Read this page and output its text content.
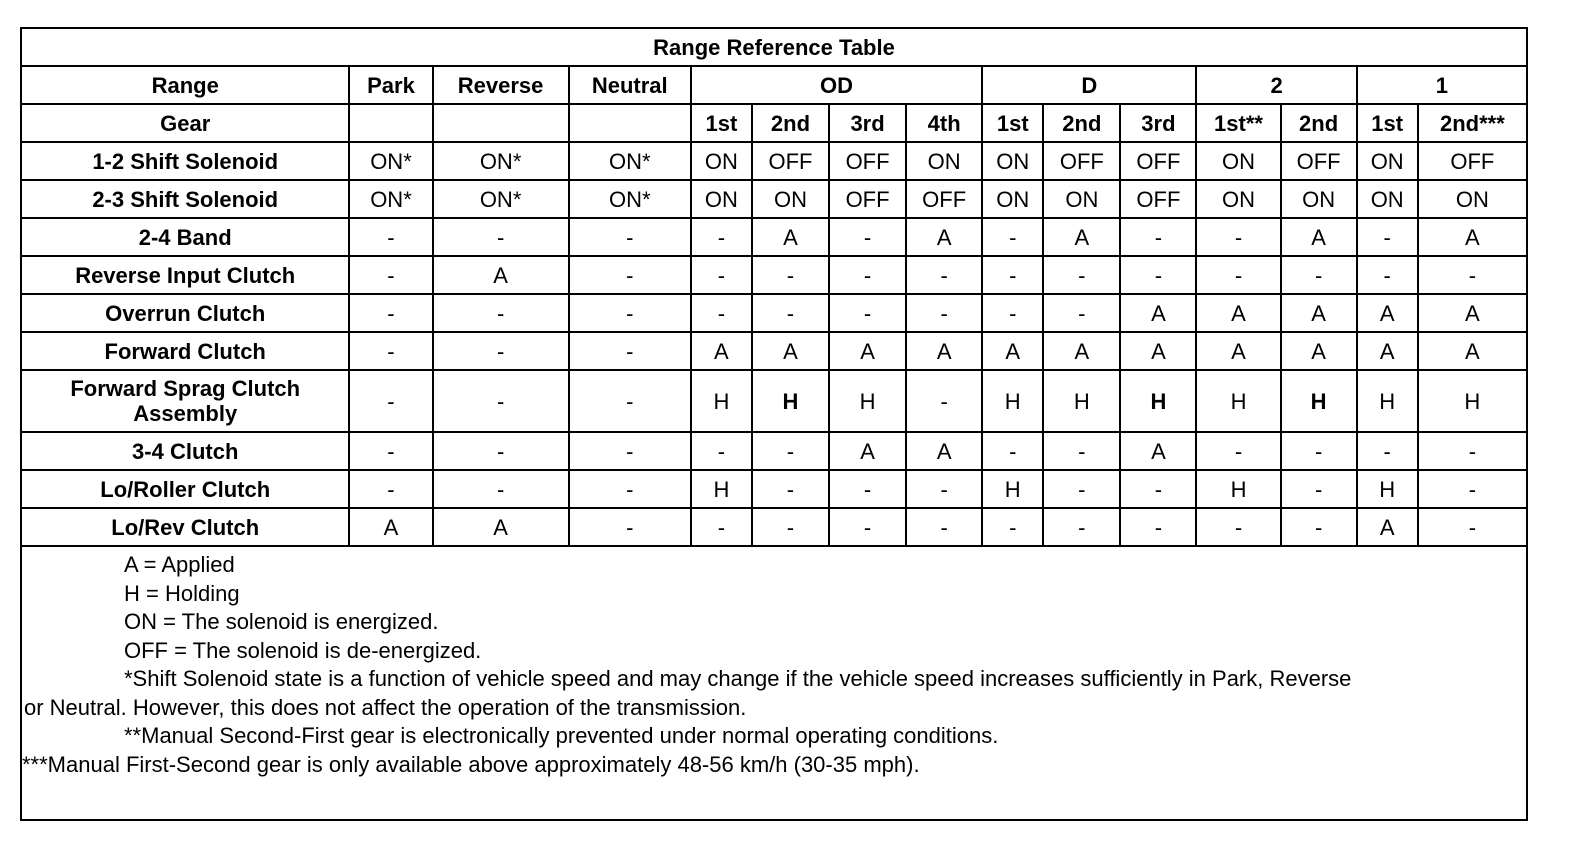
Range Reference Table														
Range	Park	Reverse	Neutral	OD				D			2		1	
Gear				1st	2nd	3rd	4th	1st	2nd	3rd	1st**	2nd	1st	2nd***
1-2 Shift Solenoid	ON*	ON*	ON*	ON	OFF	OFF	ON	ON	OFF	OFF	ON	OFF	ON	OFF
2-3 Shift Solenoid	ON*	ON*	ON*	ON	ON	OFF	OFF	ON	ON	OFF	ON	ON	ON	ON
2-4 Band	-	-	-	-	A	-	A	-	A	-	-	A	-	A
Reverse Input Clutch	-	A	-	-	-	-	-	-	-	-	-	-	-	-
Overrun Clutch	-	-	-	-	-	-	-	-	-	A	A	A	A	A
Forward Clutch	-	-	-	A	A	A	A	A	A	A	A	A	A	A
Forward Sprag Clutch Assembly	-	-	-	H	H	H	-	H	H	H	H	H	H	H
3-4 Clutch	-	-	-	-	-	A	A	-	-	A	-	-	-	-
Lo/Roller Clutch	-	-	-	H	-	-	-	H	-	-	H	-	H	-
Lo/Rev Clutch	A	A	-	-	-	-	-	-	-	-	-	-	A	-
A = Applied
H = Holding
ON = The solenoid is energized.
OFF = The solenoid is de-energized.
*Shift Solenoid state is a function of vehicle speed and may change if the vehicle speed increases sufficiently in Park, Reverse
or Neutral. However, this does not affect the operation of the transmission.
**Manual Second-First gear is electronically prevented under normal operating conditions.
***Manual First-Second gear is only available above approximately 48-56 km/h (30-35 mph).
